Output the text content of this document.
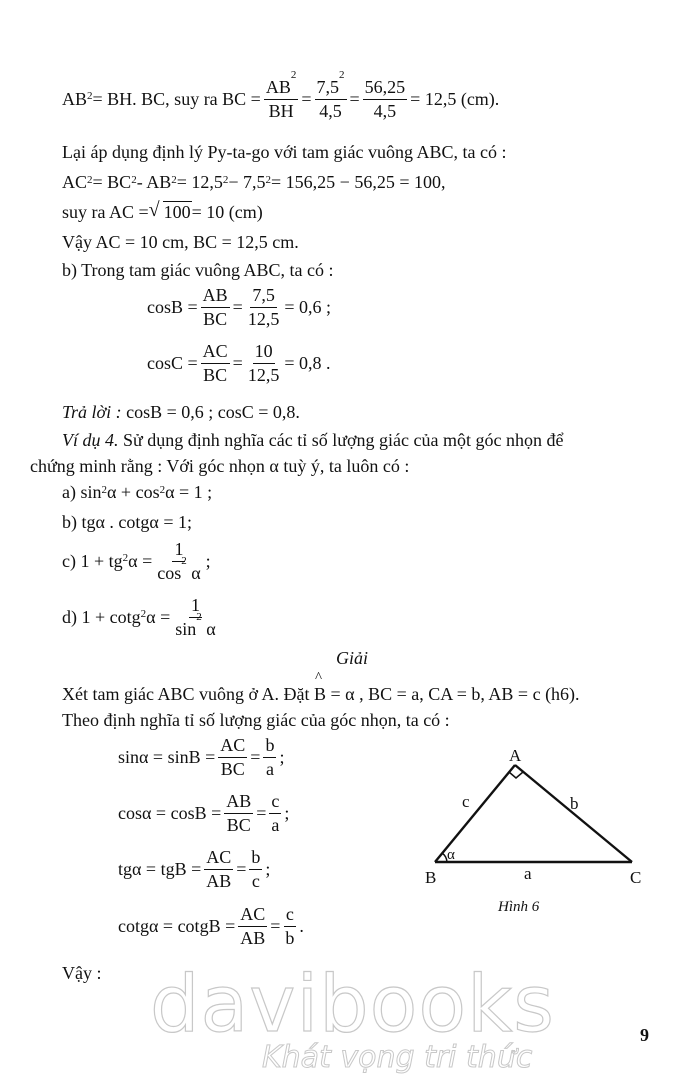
$AB^2$ = BH. BC, suy ra BC = $\frac{AB^2}{BH} = \frac{7,5^2}{4,5} = \frac{56,25}{4,5} = 12,5$ (cm).
Lại áp dụng định lý Py-ta-go với tam giác vuông ABC, ta có :
$AC^2 = BC^2 - AB^2 = 12,5^2 - 7,5^2 = 156,25 - 56,25 = 100$,
suy ra AC = √ 100 = 10 (cm)
Vậy AC = 10 cm, BC = 12,5 cm.
b) Trong tam giác vuông ABC, ta có :
$\cos B = \frac{AB}{BC} = \frac{7,5}{12,5} = 0,6$ ;
$\cos C = \frac{AC}{BC} = \frac{10}{12,5} = 0,8$ .
Trả lời : cosB = 0,6 ; cosC = 0,8.
Ví dụ 4. Sử dụng định nghĩa các tỉ số lượng giác của một góc nhọn để
chứng minh rằng : Với góc nhọn α tuỳ ý, ta luôn có :
a) $\sin^2 \alpha + \cos^2 \alpha = 1$ ;
b) tgα . cotgα = 1;
c) $1 + tg^2$ $\alpha = \frac{1}{\cos^2 \alpha}$ ;
d) 1 + cotg$^2$ $\alpha = \frac{1}{\sin^2 \alpha}$
Giải
Xét tam giác ABC vuông ở A. Đặt
^
B = α , BC = a, CA = b, AB = c (h6).
Theo định nghĩa tỉ số lượng giác của góc nhọn, ta có :
$\sin\alpha = \sin B = \frac{AC}{BC} = \frac{b}{a}$ ;
$\cos\alpha = \cos B = \frac{AB}{BC} = \frac{c}{a}$ ;
tgα = tgB = $\frac{AC}{AB} = \frac{b}{c}$ ;
cotgα = cotgB = $\frac{AC}{AB} = \frac{c}{b}$ .
Vậy :
A
B	C
c	b
a
α
Hình 6
davibooks
Khát vọng tri thức
9
